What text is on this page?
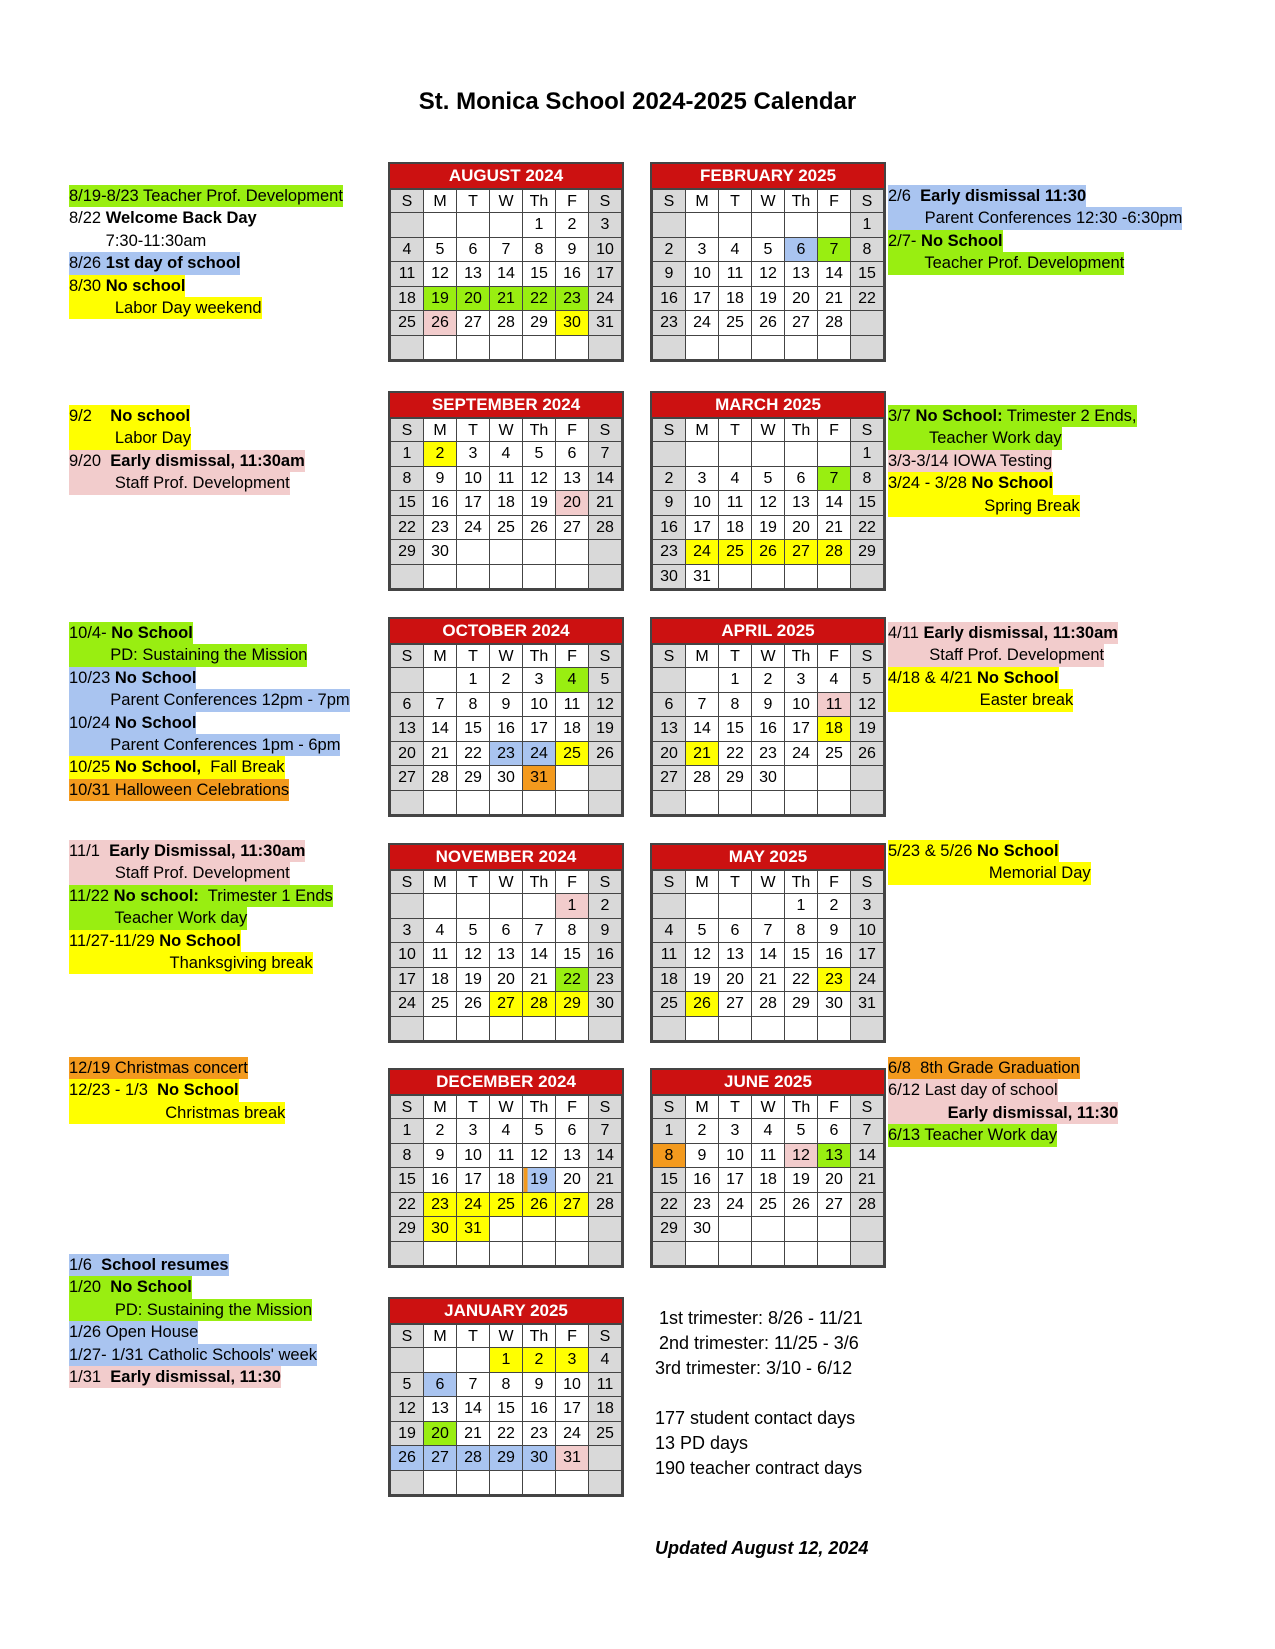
St. Monica School 2024-2025 Calendar
AUGUST 2024
S	M	T	W	Th	F	S
				1	2	3
4	5	6	7	8	9	10
11	12	13	14	15	16	17
18	19	20	21	22	23	24
25	26	27	28	29	30	31

FEBRUARY 2025
S	M	T	W	Th	F	S
						1
2	3	4	5	6	7	8
9	10	11	12	13	14	15
16	17	18	19	20	21	22
23	24	25	26	27	28	

SEPTEMBER 2024
S	M	T	W	Th	F	S
1	2	3	4	5	6	7
8	9	10	11	12	13	14
15	16	17	18	19	20	21
22	23	24	25	26	27	28
29	30					

MARCH 2025
S	M	T	W	Th	F	S
						1
2	3	4	5	6	7	8
9	10	11	12	13	14	15
16	17	18	19	20	21	22
23	24	25	26	27	28	29
30	31					
OCTOBER 2024
S	M	T	W	Th	F	S
		1	2	3	4	5
6	7	8	9	10	11	12
13	14	15	16	17	18	19
20	21	22	23	24	25	26
27	28	29	30	31		

APRIL 2025
S	M	T	W	Th	F	S
		1	2	3	4	5
6	7	8	9	10	11	12
13	14	15	16	17	18	19
20	21	22	23	24	25	26
27	28	29	30			

NOVEMBER 2024
S	M	T	W	Th	F	S
					1	2
3	4	5	6	7	8	9
10	11	12	13	14	15	16
17	18	19	20	21	22	23
24	25	26	27	28	29	30

MAY 2025
S	M	T	W	Th	F	S
				1	2	3
4	5	6	7	8	9	10
11	12	13	14	15	16	17
18	19	20	21	22	23	24
25	26	27	28	29	30	31

DECEMBER 2024
S	M	T	W	Th	F	S
1	2	3	4	5	6	7
8	9	10	11	12	13	14
15	16	17	18	19	20	21
22	23	24	25	26	27	28
29	30	31				

JUNE 2025
S	M	T	W	Th	F	S
1	2	3	4	5	6	7
8	9	10	11	12	13	14
15	16	17	18	19	20	21
22	23	24	25	26	27	28
29	30					

JANUARY 2025
S	M	T	W	Th	F	S
			1	2	3	4
5	6	7	8	9	10	11
12	13	14	15	16	17	18
19	20	21	22	23	24	25
26	27	28	29	30	31	

8/19-8/23 Teacher Prof. Development
8/22 Welcome Back Day
7:30-11:30am
8/26 1st day of school
8/30 No school
Labor Day weekend
2/6  Early dismissal 11:30
Parent Conferences 12:30 -6:30pm
2/7- No School
Teacher Prof. Development
9/2    No school
Labor Day
9/20  Early dismissal, 11:30am
Staff Prof. Development
3/7 No School: Trimester 2 Ends,
Teacher Work day
3/3-3/14 IOWA Testing
3/24 - 3/28 No School
Spring Break
10/4- No School
PD: Sustaining the Mission
10/23 No School
Parent Conferences 12pm - 7pm
10/24 No School
Parent Conferences 1pm - 6pm
10/25 No School,  Fall Break
10/31 Halloween Celebrations
4/11 Early dismissal, 11:30am
Staff Prof. Development
4/18 & 4/21 No School
Easter break
11/1  Early Dismissal, 11:30am
Staff Prof. Development
11/22 No school:  Trimester 1 Ends
Teacher Work day
11/27-11/29 No School
Thanksgiving break
5/23 & 5/26 No School
Memorial Day
12/19 Christmas concert
12/23 - 1/3  No School
Christmas break
6/8  8th Grade Graduation
6/12 Last day of school
Early dismissal, 11:30
6/13 Teacher Work day
1/6  School resumes
1/20  No School
PD: Sustaining the Mission
1/26 Open House
1/27- 1/31 Catholic Schools' week
1/31  Early dismissal, 11:30
1st trimester: 8/26 - 11/21
2nd trimester: 11/25 - 3/6
3rd trimester: 3/10 - 6/12
177 student contact days
13 PD days
190 teacher contract days
Updated August 12, 2024
